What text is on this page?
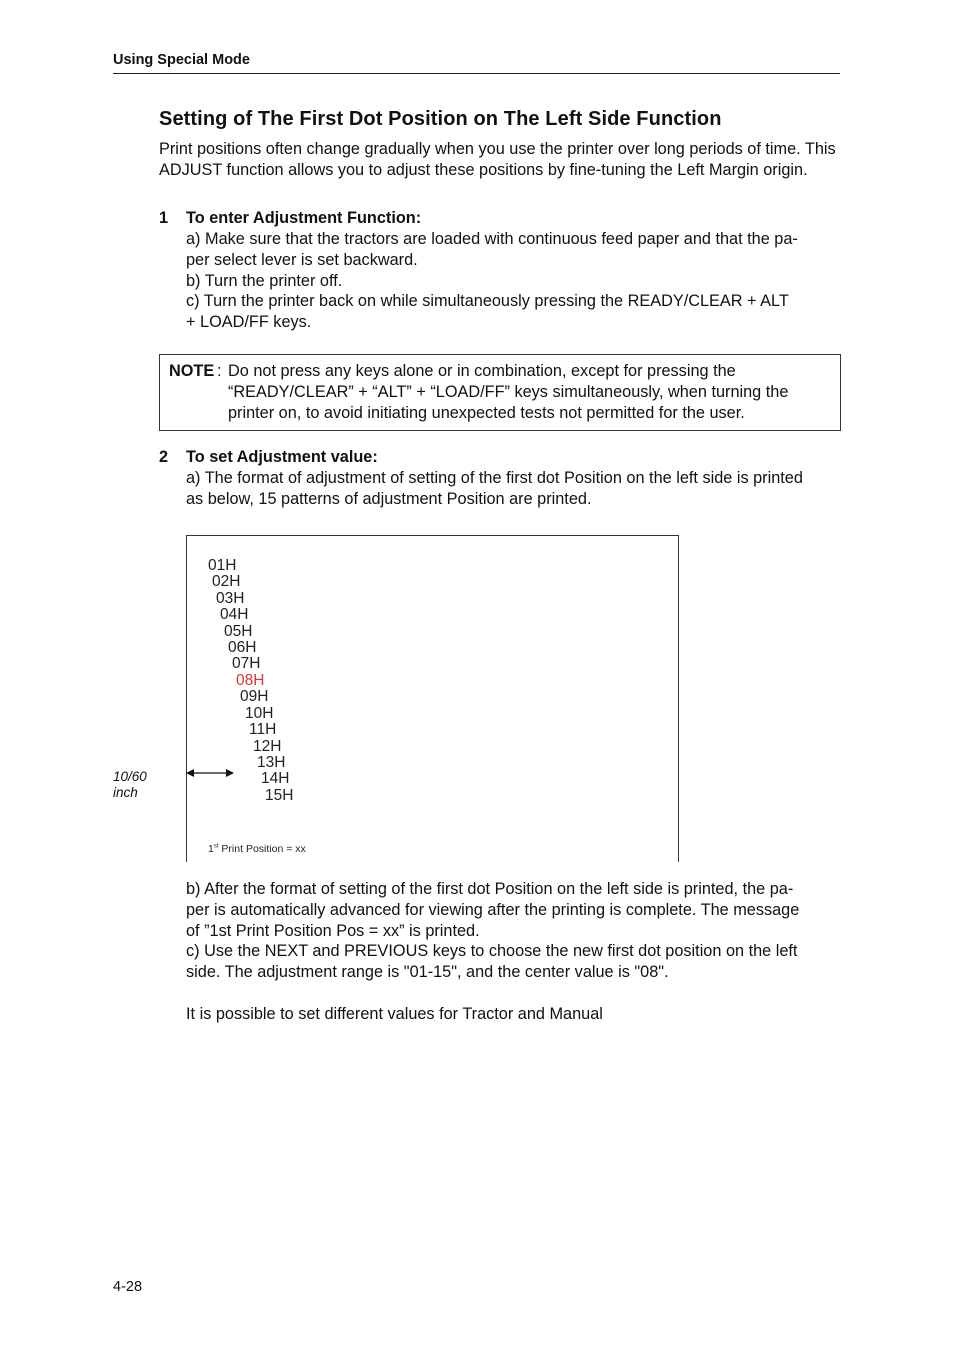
Using Special Mode
Setting of The First Dot Position on The Left Side Function
Print positions often change gradually when you use the printer over long periods of time. This ADJUST function allows you to adjust these positions by fine-tuning the Left Margin origin.
1 To enter Adjustment Function:
a) Make sure that the tractors are loaded with continuous feed paper and that the pa-
per select lever is set backward.
b) Turn the printer off.
c) Turn the printer back on while simultaneously pressing the READY/CLEAR + ALT
+ LOAD/FF keys.
NOTE : Do not press any keys alone or in combination, except for pressing the
“READY/CLEAR” + “ALT” + “LOAD/FF” keys simultaneously, when turning the
printer on, to avoid initiating unexpected tests not permitted for the user.
2 To set Adjustment value:
a) The format of adjustment of setting of the first dot Position on the left side is printed
as below, 15 patterns of adjustment Position are printed.
01H
02H
03H
04H
05H
06H
07H
08H
09H
10H
11H
12H
13H
14H
15H
10/60
inch
1st Print Position = xx
b) After the format of setting of the first dot Position on the left side is printed, the pa-
per is automatically advanced for viewing after the printing is complete. The message
of ”1st Print Position Pos = xx” is printed.
c) Use the NEXT and PREVIOUS keys to choose the new first dot position on the left
side. The adjustment range is "01-15", and the center value is "08".
It is possible to set different values for Tractor and Manual
4-28
